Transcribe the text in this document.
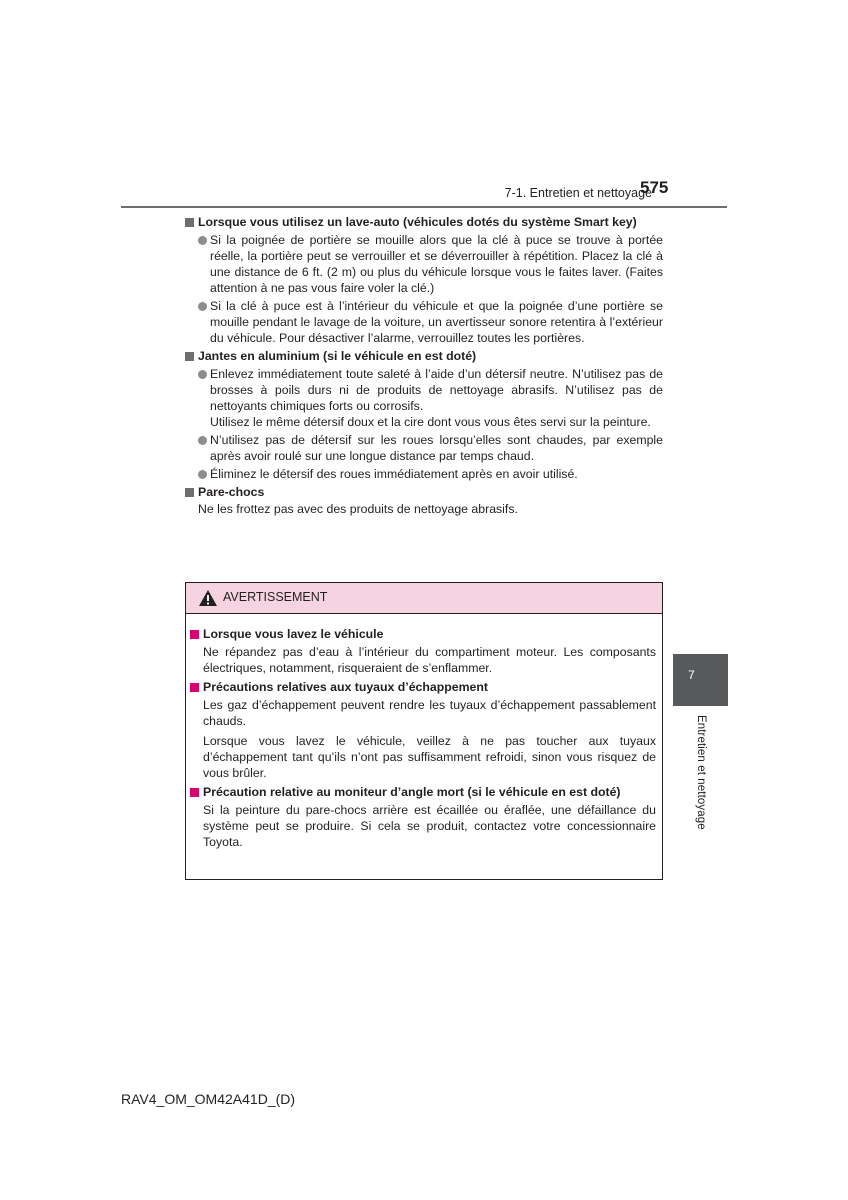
7-1. Entretien et nettoyage
575
7
Entretien et nettoyage
Lorsque vous utilisez un lave-auto (véhicules dotés du système Smart key)

Si la poignée de portière se mouille alors que la clé à puce se trouve à portée réelle, la portière peut se verrouiller et se déverrouiller à répétition. Placez la clé à une distance de 6 ft. (2 m) ou plus du véhicule lorsque vous le faites laver. (Faites attention à ne pas vous faire voler la clé.)

Si la clé à puce est à l’intérieur du véhicule et que la poignée d’une portière se mouille pendant le lavage de la voiture, un avertisseur sonore retentira à l’extérieur du véhicule. Pour désactiver l’alarme, verrouillez toutes les portières.

Jantes en aluminium (si le véhicule en est doté)

Enlevez immédiatement toute saleté à l’aide d’un détersif neutre. N’utilisez pas de brosses à poils durs ni de produits de nettoyage abrasifs. N’utilisez pas de nettoyants chimiques forts ou corrosifs.

Utilisez le même détersif doux et la cire dont vous vous êtes servi sur la peinture.

N’utilisez pas de détersif sur les roues lorsqu’elles sont chaudes, par exemple après avoir roulé sur une longue distance par temps chaud.

Éliminez le détersif des roues immédiatement après en avoir utilisé.

Pare-chocs
Ne les frottez pas avec des produits de nettoyage abrasifs.
AVERTISSEMENT
Lorsque vous lavez le véhicule
Ne répandez pas d’eau à l’intérieur du compartiment moteur. Les composants électriques, notamment, risqueraient de s’enflammer.
Précautions relatives aux tuyaux d’échappement
Les gaz d’échappement peuvent rendre les tuyaux d’échappement passablement chauds.
Lorsque vous lavez le véhicule, veillez à ne pas toucher aux tuyaux d’échappement tant qu’ils n’ont pas suffisamment refroidi, sinon vous risquez de vous brûler.
Précaution relative au moniteur d’angle mort (si le véhicule en est doté)
Si la peinture du pare-chocs arrière est écaillée ou éraflée, une défaillance du système peut se produire. Si cela se produit, contactez votre concessionnaire Toyota.
RAV4_OM_OM42A41D_(D)
